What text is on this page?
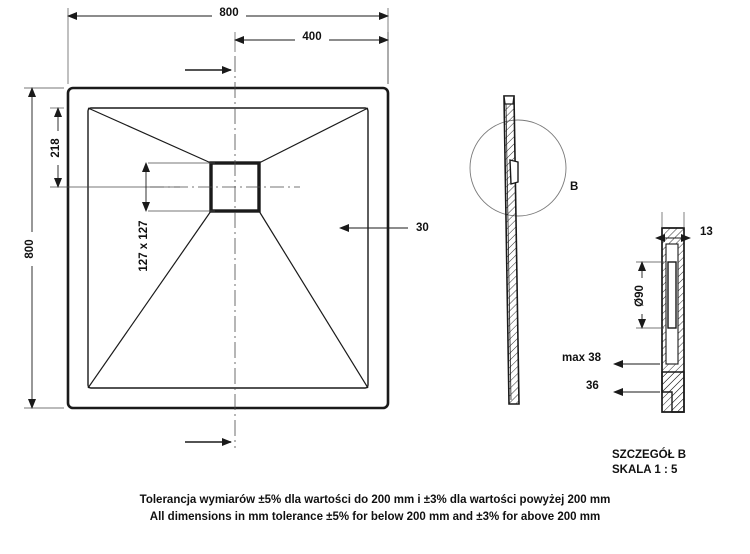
800
400
800
218
127 x 127	30
B
13
Ø90
max 38
36
SZCZEGÓŁ B
SKALA 1 : 5
Tolerancja wymiarów ±5% dla wartości do 200 mm i ±3% dla wartości powyżej 200 mm
All dimensions in mm tolerance ±5% for below 200 mm and ±3% for above 200 mm
